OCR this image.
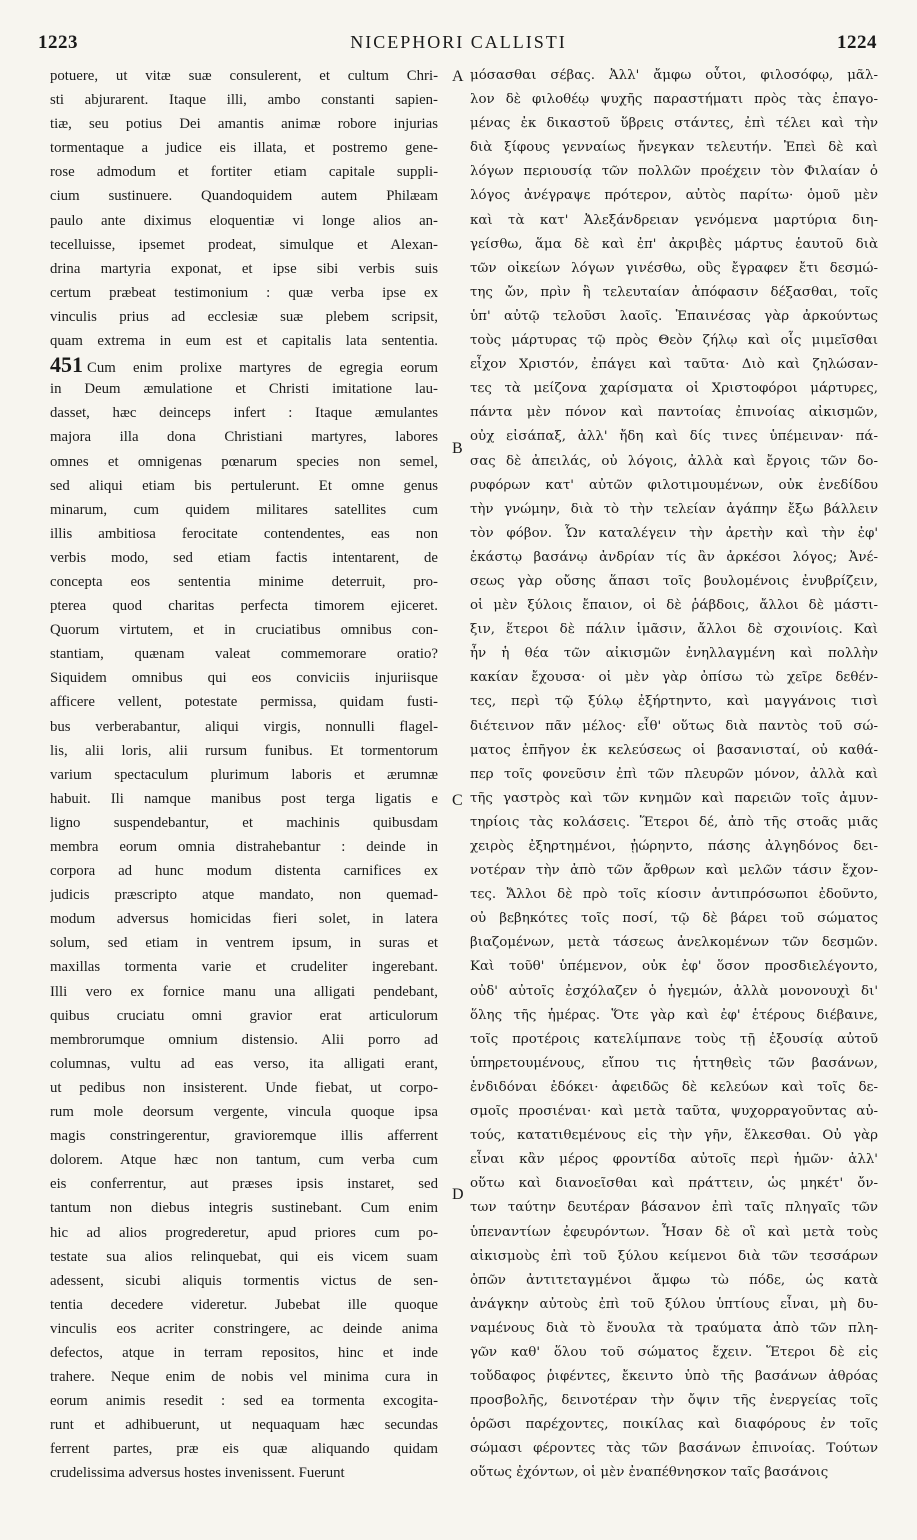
1223	NICEPHORI CALLISTI	1224
potuere, ut vitæ suæ consulerent, et cultum Chri-
sti abjurarent. Itaque illi, ambo constanti sapien-
tiæ, seu potius Dei amantis animæ robore injurias
tormentaque a judice eis illata, et postremo gene-
rose admodum et fortiter etiam capitale suppli-
cium sustinuere. Quandoquidem autem Philæam
paulo ante diximus eloquentiæ vi longe alios an-
tecelluisse, ipsemet prodeat, simulque et Alexan-
drina martyria exponat, et ipse sibi verbis suis
certum præbeat testimonium : quæ verba ipse ex
vinculis prius ad ecclesiæ suæ plebem scripsit,
quam extrema in eum est et capitalis lata sententia.
451 Cum enim prolixe martyres de egregia eorum
in Deum æmulatione et Christi imitatione lau-
dasset, hæc deinceps infert : Itaque æmulantes
majora illa dona Christiani martyres, labores
omnes et omnigenas pœnarum species non semel,
sed aliqui etiam bis pertulerunt. Et omne genus
minarum, cum quidem militares satellites cum
illis ambitiosa ferocitate contendentes, eas non
verbis modo, sed etiam factis intentarent, de
concepta eos sententia minime deterruit, pro-
pterea quod charitas perfecta timorem ejiceret.
Quorum virtutem, et in cruciatibus omnibus con-
stantiam, quænam valeat commemorare oratio?
Siquidem omnibus qui eos conviciis injuriisque
afficere vellent, potestate permissa, quidam fusti-
bus verberabantur, aliqui virgis, nonnulli flagel-
lis, alii loris, alii rursum funibus. Et tormentorum
varium spectaculum plurimum laboris et ærumnæ
habuit. Ili namque manibus post terga ligatis e
ligno suspendebantur, et machinis quibusdam
membra eorum omnia distrahebantur : deinde in
corpora ad hunc modum distenta carnifices ex
judicis præscripto atque mandato, non quemad-
modum adversus homicidas fieri solet, in latera
solum, sed etiam in ventrem ipsum, in suras et
maxillas tormenta varie et crudeliter ingerebant.
Illi vero ex fornice manu una alligati pendebant,
quibus cruciatu omni gravior erat articulorum
membrorumque omnium distensio. Alii porro ad
columnas, vultu ad eas verso, ita alligati erant,
ut pedibus non insisterent. Unde fiebat, ut corpo-
rum mole deorsum vergente, vincula quoque ipsa
magis constringerentur, gravioremque illis afferrent
dolorem. Atque hæc non tantum, cum verba cum
eis conferrentur, aut præses ipsis instaret, sed
tantum non diebus integris sustinebant. Cum enim
hic ad alios progrederetur, apud priores cum po-
testate sua alios relinquebat, qui eis vicem suam
adessent, sicubi aliquis tormentis victus de sen-
tentia decedere videretur. Jubebat ille quoque
vinculis eos acriter constringere, ac deinde anima
defectos, atque in terram repositos, hinc et inde
trahere. Neque enim de nobis vel minima cura in
eorum animis resedit : sed ea tormenta excogita-
runt et adhibuerunt, ut nequaquam hæc secundas
ferrent partes, præ eis quæ aliquando quidam
crudelissima adversus hostes invenissent. Fuerunt
μόσασθαι σέβας. Ἀλλ' ἄμφω οὗτοι, φιλοσόφῳ, μᾶλ-
λον δὲ φιλοθέῳ ψυχῆς παραστήματι πρὸς τὰς ἐπαγο-
μένας ἐκ δικαστοῦ ὕβρεις στάντες, ἐπὶ τέλει καὶ τὴν
διὰ ξίφους γενναίως ἤνεγκαν τελευτήν. Ἐπεὶ δὲ καὶ
λόγων περιουσίᾳ τῶν πολλῶν προέχειν τὸν Φιλαίαν ὁ
λόγος ἀνέγραψε πρότερον, αὐτὸς παρίτω· ὁμοῦ μὲν
καὶ τὰ κατ' Ἀλεξάνδρειαν γενόμενα μαρτύρια διη-
γείσθω, ἅμα δὲ καὶ ἐπ' ἀκριβὲς μάρτυς ἑαυτοῦ διὰ
τῶν οἰκείων λόγων γινέσθω, οὓς ἔγραφεν ἔτι δεσμώ-
της ὤν, πρὶν ἢ τελευταίαν ἀπόφασιν δέξασθαι, τοῖς
ὑπ' αὐτῷ τελοῦσι λαοῖς. Ἐπαινέσας γὰρ ἀρκούντως
τοὺς μάρτυρας τῷ πρὸς Θεὸν ζήλῳ καὶ οἷς μιμεῖσθαι
εἶχον Χριστόν, ἐπάγει καὶ ταῦτα· Διὸ καὶ ζηλώσαν-
τες τὰ μείζονα χαρίσματα οἱ Χριστοφόροι μάρτυρες,
πάντα μὲν πόνον καὶ παντοίας ἐπινοίας αἰκισμῶν,
οὐχ εἰσάπαξ, ἀλλ' ἤδη καὶ δίς τινες ὑπέμειναν· πά-
σας δὲ ἀπειλάς, οὐ λόγοις, ἀλλὰ καὶ ἔργοις τῶν δο-
ρυφόρων κατ' αὐτῶν φιλοτιμουμένων, οὐκ ἐνεδίδου
τὴν γνώμην, διὰ τὸ τὴν τελείαν ἀγάπην ἔξω βάλλειν
τὸν φόβον. Ὧν καταλέγειν τὴν ἀρετὴν καὶ τὴν ἐφ'
ἑκάστῳ βασάνῳ ἀνδρίαν τίς ἂν ἀρκέσοι λόγος; Ἀνέ-
σεως γὰρ οὔσης ἅπασι τοῖς βουλομένοις ἐνυβρίζειν,
οἱ μὲν ξύλοις ἔπαιον, οἱ δὲ ῥάβδοις, ἄλλοι δὲ μάστι-
ξιν, ἕτεροι δὲ πάλιν ἱμᾶσιν, ἄλλοι δὲ σχοινίοις. Καὶ
ἦν ἡ θέα τῶν αἰκισμῶν ἐνηλλαγμένη καὶ πολλὴν
κακίαν ἔχουσα· οἱ μὲν γὰρ ὀπίσω τὼ χεῖρε δεθέν-
τες, περὶ τῷ ξύλῳ ἐξήρτηντο, καὶ μαγγάνοις τισὶ
διέτεινον πᾶν μέλος· εἶθ' οὕτως διὰ παντὸς τοῦ σώ-
ματος ἐπῆγον ἐκ κελεύσεως οἱ βασανισταί, οὐ καθά-
περ τοῖς φονεῦσιν ἐπὶ τῶν πλευρῶν μόνον, ἀλλὰ καὶ
τῆς γαστρὸς καὶ τῶν κνημῶν καὶ παρειῶν τοῖς ἀμυν-
τηρίοις τὰς κολάσεις. Ἕτεροι δέ, ἀπὸ τῆς στοᾶς μιᾶς
χειρὸς ἐξηρτημένοι, ᾐώρηντο, πάσης ἀλγηδόνος δει-
νοτέραν τὴν ἀπὸ τῶν ἄρθρων καὶ μελῶν τάσιν ἔχον-
τες. Ἄλλοι δὲ πρὸ τοῖς κίοσιν ἀντιπρόσωποι ἐδοῦντο,
οὐ βεβηκότες τοῖς ποσί, τῷ δὲ βάρει τοῦ σώματος
βιαζομένων, μετὰ τάσεως ἀνελκομένων τῶν δεσμῶν.
Καὶ τοῦθ' ὑπέμενον, οὐκ ἐφ' ὅσον προσδιελέγοντο,
οὐδ' αὐτοῖς ἐσχόλαζεν ὁ ἡγεμών, ἀλλὰ μονονουχὶ δι'
ὅλης τῆς ἡμέρας. Ὅτε γὰρ καὶ ἐφ' ἑτέρους διέβαινε,
τοῖς προτέροις κατελίμπανε τοὺς τῇ ἐξουσίᾳ αὐτοῦ
ὑπηρετουμένους, εἴπου τις ἡττηθεὶς τῶν βασάνων,
ἐνδιδόναι ἐδόκει· ἀφειδῶς δὲ κελεύων καὶ τοῖς δε-
σμοῖς προσιέναι· καὶ μετὰ ταῦτα, ψυχορραγοῦντας αὐ-
τούς, κατατιθεμένους εἰς τὴν γῆν, ἕλκεσθαι. Οὐ γὰρ
εἶναι κἂν μέρος φροντίδα αὐτοῖς περὶ ἡμῶν· ἀλλ'
οὕτω καὶ διανοεῖσθαι καὶ πράττειν, ὡς μηκέτ' ὄν-
των ταύτην δευτέραν βάσανον ἐπὶ ταῖς πληγαῖς τῶν
ὑπεναντίων ἐφευρόντων. Ἦσαν δὲ οἳ καὶ μετὰ τοὺς
αἰκισμοὺς ἐπὶ τοῦ ξύλου κείμενοι διὰ τῶν τεσσάρων
ὀπῶν ἀντιτεταγμένοι ἄμφω τὼ πόδε, ὡς κατὰ
ἀνάγκην αὐτοὺς ἐπὶ τοῦ ξύλου ὑπτίους εἶναι, μὴ δυ-
ναμένους διὰ τὸ ἔνουλα τὰ τραύματα ἀπὸ τῶν πλη-
γῶν καθ' ὅλου τοῦ σώματος ἔχειν. Ἕτεροι δὲ εἰς
τοὔδαφος ῥιφέντες, ἔκειντο ὑπὸ τῆς βασάνων ἀθρόας
προσβολῆς, δεινοτέραν τὴν ὄψιν τῆς ἐνεργείας τοῖς
ὁρῶσι παρέχοντες, ποικίλας καὶ διαφόρους ἐν τοῖς
σώμασι φέροντες τὰς τῶν βασάνων ἐπινοίας. Τούτων
οὕτως ἐχόντων, οἱ μὲν ἐναπέθνησκον ταῖς βασάνοις
A
B
C
D
